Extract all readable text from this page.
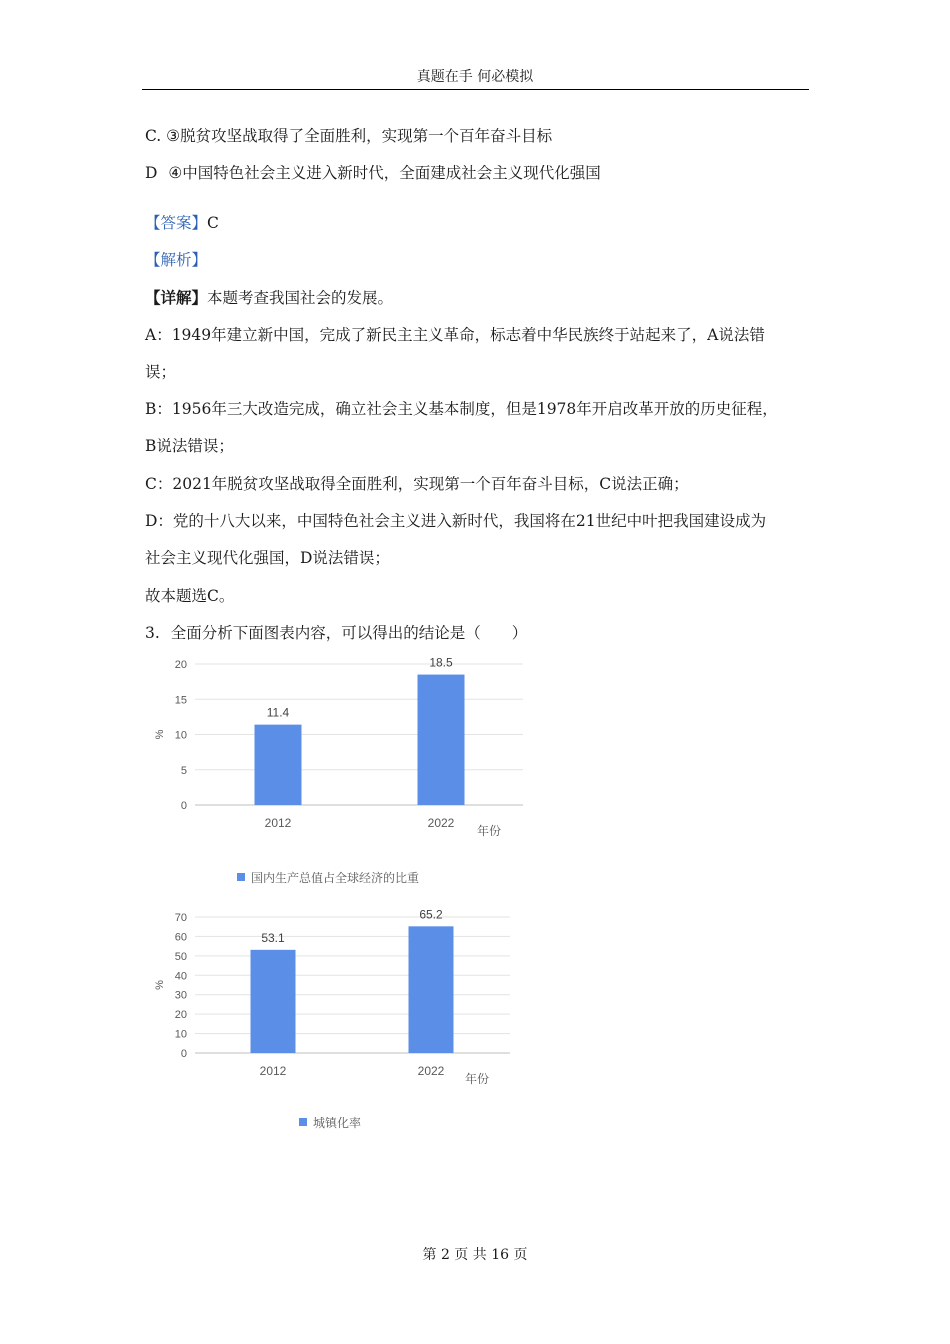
真题在手 何必模拟
C. ③脱贫攻坚战取得了全面胜利，实现第一个百年奋斗目标
D ④中国特色社会主义进入新时代，全面建成社会主义现代化强国
【答案】C
【解析】
【详解】本题考查我国社会的发展。
A：1949年建立新中国，完成了新民主主义革命，标志着中华民族终于站起来了，A说法错
误；
B：1956年三大改造完成，确立社会主义基本制度，但是1978年开启改革开放的历史征程，
B说法错误；
C：2021年脱贫攻坚战取得全面胜利，实现第一个百年奋斗目标，C说法正确；
D：党的十八大以来，中国特色社会主义进入新时代，我国将在21世纪中叶把我国建设成为
社会主义现代化强国，D说法错误；
故本题选C。
3. 全面分析下面图表内容，可以得出的结论是（　　）
0
5
10
15
20
%
11.4
2012
18.5
2022
年份
国内生产总值占全球经济的比重
0
10
20
30
40
50
60
70
%
53.1
2012
65.2
2022
年份
城镇化率
第 2 页 共 16 页
